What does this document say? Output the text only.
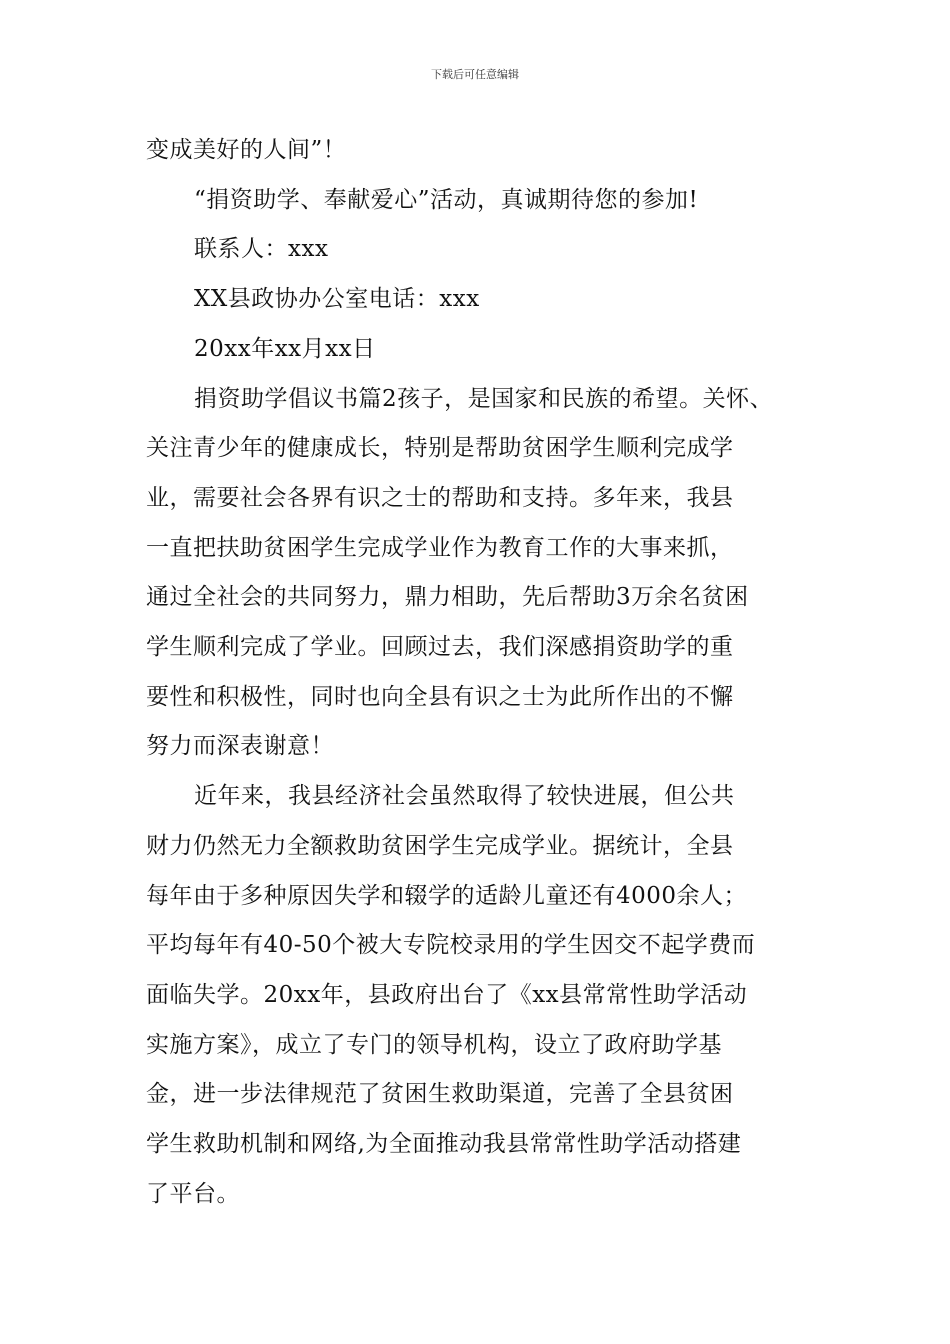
下载后可任意编辑

变成美好的人间”！

“捐资助学、奉献爱心”活动，真诚期待您的参加!

联系人：xxx

XX县政协办公室电话：xxx

20xx年xx月xx日

捐资助学倡议书篇2孩子，是国家和民族的希望。关怀、

关注青少年的健康成长，特别是帮助贫困学生顺利完成学

业，需要社会各界有识之士的帮助和支持。多年来，我县

一直把扶助贫困学生完成学业作为教育工作的大事来抓，

通过全社会的共同努力，鼎力相助，先后帮助3万余名贫困

学生顺利完成了学业。回顾过去，我们深感捐资助学的重

要性和积极性，同时也向全县有识之士为此所作出的不懈

努力而深表谢意！

近年来，我县经济社会虽然取得了较快进展，但公共

财力仍然无力全额救助贫困学生完成学业。据统计，全县

每年由于多种原因失学和辍学的适龄儿童还有4000余人；

平均每年有40-50个被大专院校录用的学生因交不起学费而

面临失学。20xx年，县政府出台了《xx县常常性助学活动

实施方案》，成立了专门的领导机构，设立了政府助学基

金，进一步法律规范了贫困生救助渠道，完善了全县贫困

学生救助机制和网络,为全面推动我县常常性助学活动搭建

了平台。
